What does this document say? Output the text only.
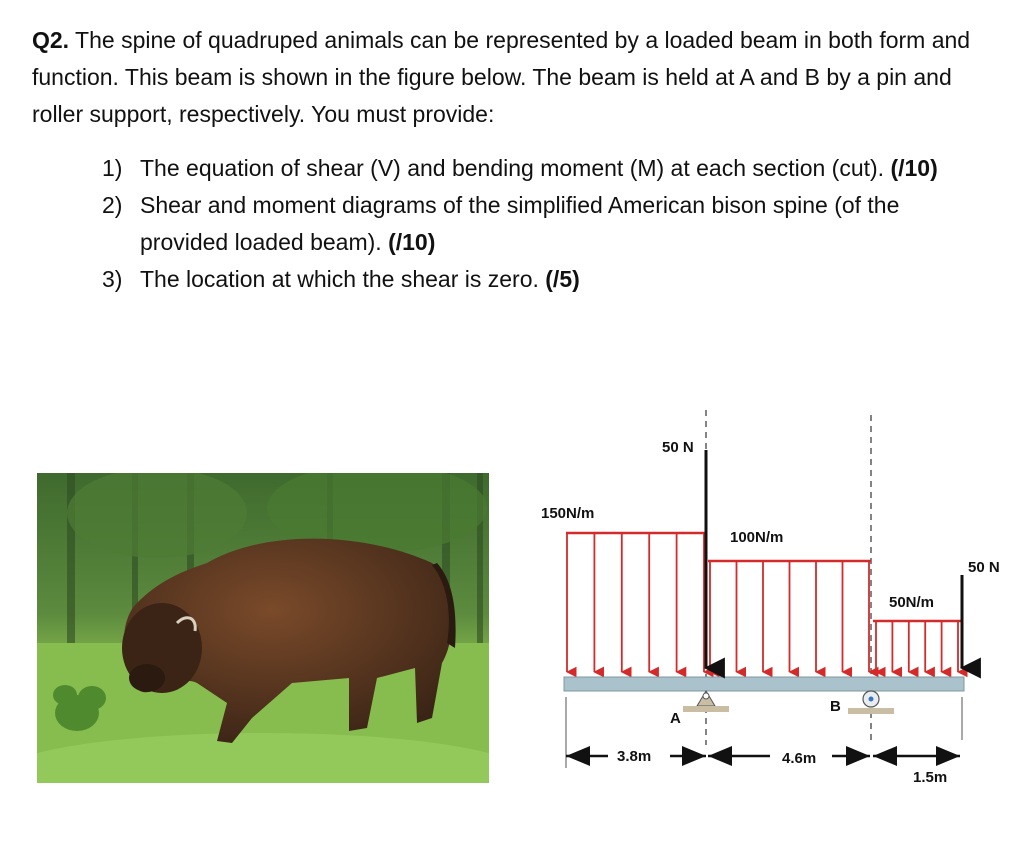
Q2. The spine of quadruped animals can be represented by a loaded beam in both form and function. This beam is shown in the figure below. The beam is held at A and B by a pin and roller support, respectively. You must provide:
1) The equation of shear (V) and bending moment (M) at each section (cut). (/10)
2) Shear and moment diagrams of the simplified American bison spine (of the provided loaded beam). (/10)
3) The location at which the shear is zero. (/5)
150N/m
100N/m
50N/m
50 N
50 N
A
B
3.8m	4.6m
1.5m
